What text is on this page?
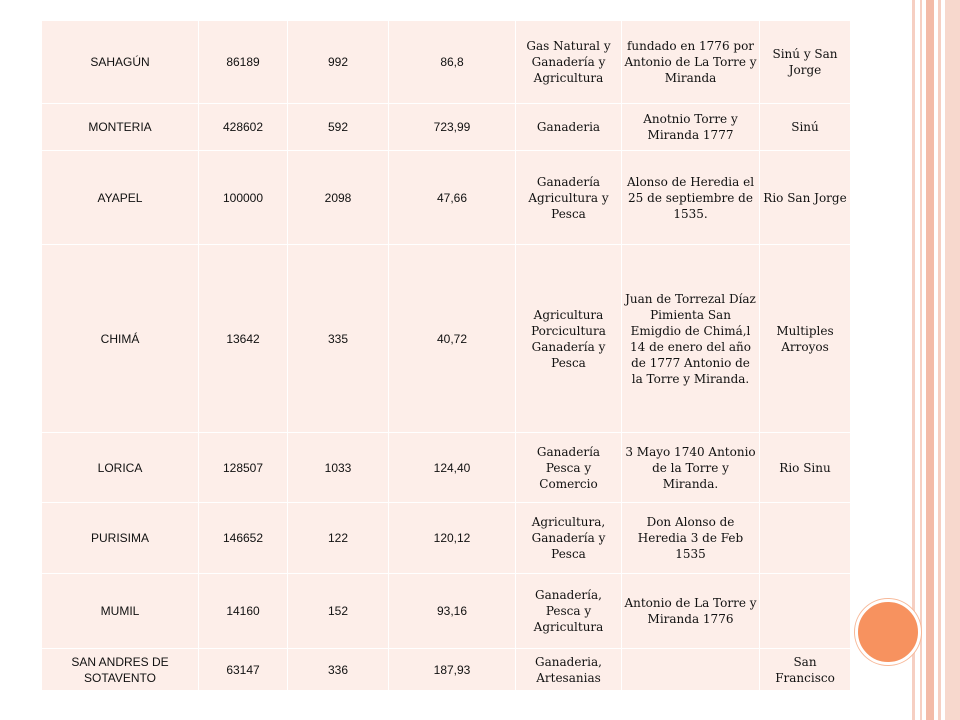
SAHAGÚN	86189	992	86,8	Gas Natural y Ganadería y Agricultura	fundado en 1776 por Antonio de La Torre y Miranda	Sinú y San Jorge
MONTERIA	428602	592	723,99	Ganaderia	Anotnio Torre y Miranda 1777	Sinú
AYAPEL	100000	2098	47,66	Ganadería Agricultura y Pesca	Alonso de Heredia el 25 de septiembre de 1535.	Rio San Jorge
CHIMÁ	13642	335	40,72	Agricultura Porcicultura Ganadería y Pesca	Juan de Torrezal Díaz Pimienta San Emigdio de Chimá,l 14 de enero del año de 1777 Antonio de la Torre y Miranda.	Multiples Arroyos
LORICA	128507	1033	124,40	Ganadería Pesca y Comercio	3 Mayo 1740 Antonio de la Torre y Miranda.	Rio Sinu
PURISIMA	146652	122	120,12	Agricultura, Ganadería y Pesca	Don Alonso de Heredia 3 de Feb 1535	
MUMIL	14160	152	93,16	Ganadería, Pesca y Agricultura	Antonio de La Torre y Miranda 1776	
SAN ANDRES DE SOTAVENTO	63147	336	187,93	Ganaderia, Artesanias		San Francisco
